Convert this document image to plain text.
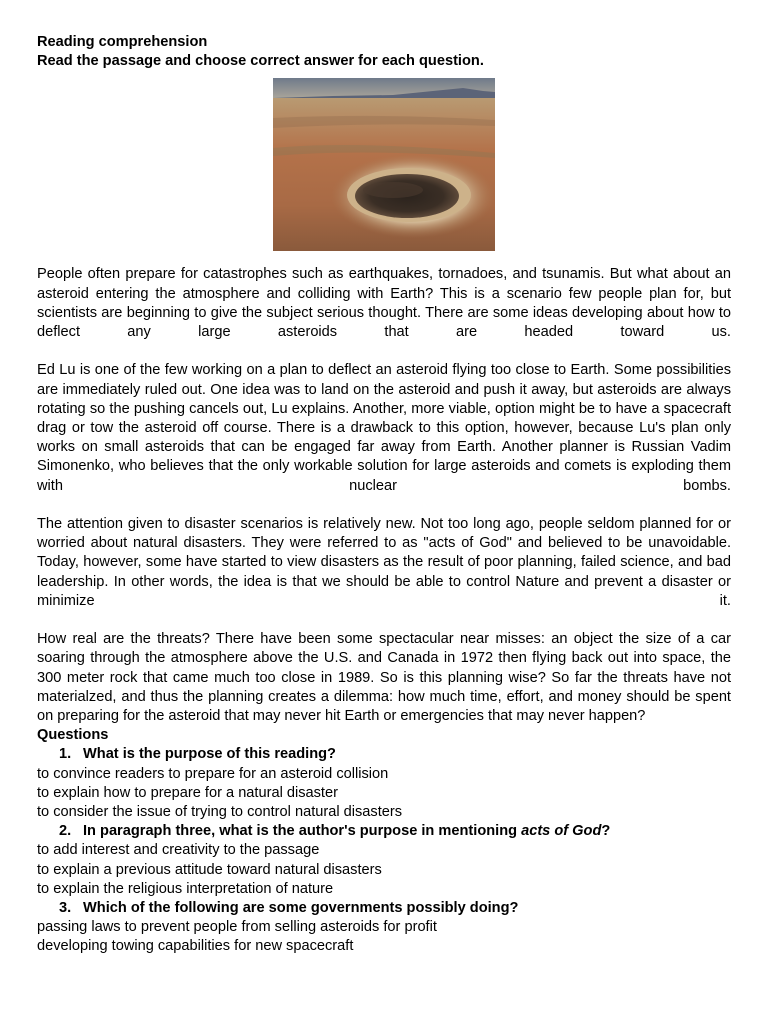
Reading comprehension

Read the passage and choose correct answer for each question.

People often prepare for catastrophes such as earthquakes, tornadoes, and tsunamis. But what about an asteroid entering the atmosphere and colliding with Earth? This is a scenario few people plan for, but scientists are beginning to give the subject serious thought. There are some ideas developing about how to deflect any large asteroids that are headed toward us.

Ed Lu is one of the few working on a plan to deflect an asteroid flying too close to Earth. Some possibilities are immediately ruled out. One idea was to land on the asteroid and push it away, but asteroids are always rotating so the pushing cancels out, Lu explains. Another, more viable, option might be to have a spacecraft drag or tow the asteroid off course. There is a drawback to this option, however, because Lu's plan only works on small asteroids that can be engaged far away from Earth. Another planner is Russian Vadim Simonenko, who believes that the only workable solution for large asteroids and comets is exploding them with nuclear bombs.

The attention given to disaster scenarios is relatively new. Not too long ago, people seldom planned for or worried about natural disasters. They were referred to as "acts of God" and believed to be unavoidable. Today, however, some have started to view disasters as the result of poor planning, failed science, and bad leadership. In other words, the idea is that we should be able to control Nature and prevent a disaster or minimize it.

How real are the threats? There have been some spectacular near misses: an object the size of a car soaring through the atmosphere above the U.S. and Canada in 1972 then flying back out into space, the 300 meter rock that came much too close in 1989. So is this planning wise? So far the threats have not materialzed, and thus the planning creates a dilemma: how much time, effort, and money should be spent on preparing for the asteroid that may never hit Earth or emergencies that may never happen?

Questions

1. What is the purpose of this reading?

to convince readers to prepare for an asteroid collision

to explain how to prepare for a natural disaster

to consider the issue of trying to control natural disasters

2. In paragraph three, what is the author's purpose in mentioning acts of God?

to add interest and creativity to the passage

to explain a previous attitude toward natural disasters

to explain the religious interpretation of nature

3. Which of the following are some governments possibly doing?

passing laws to prevent people from selling asteroids for profit

developing towing capabilities for new spacecraft
